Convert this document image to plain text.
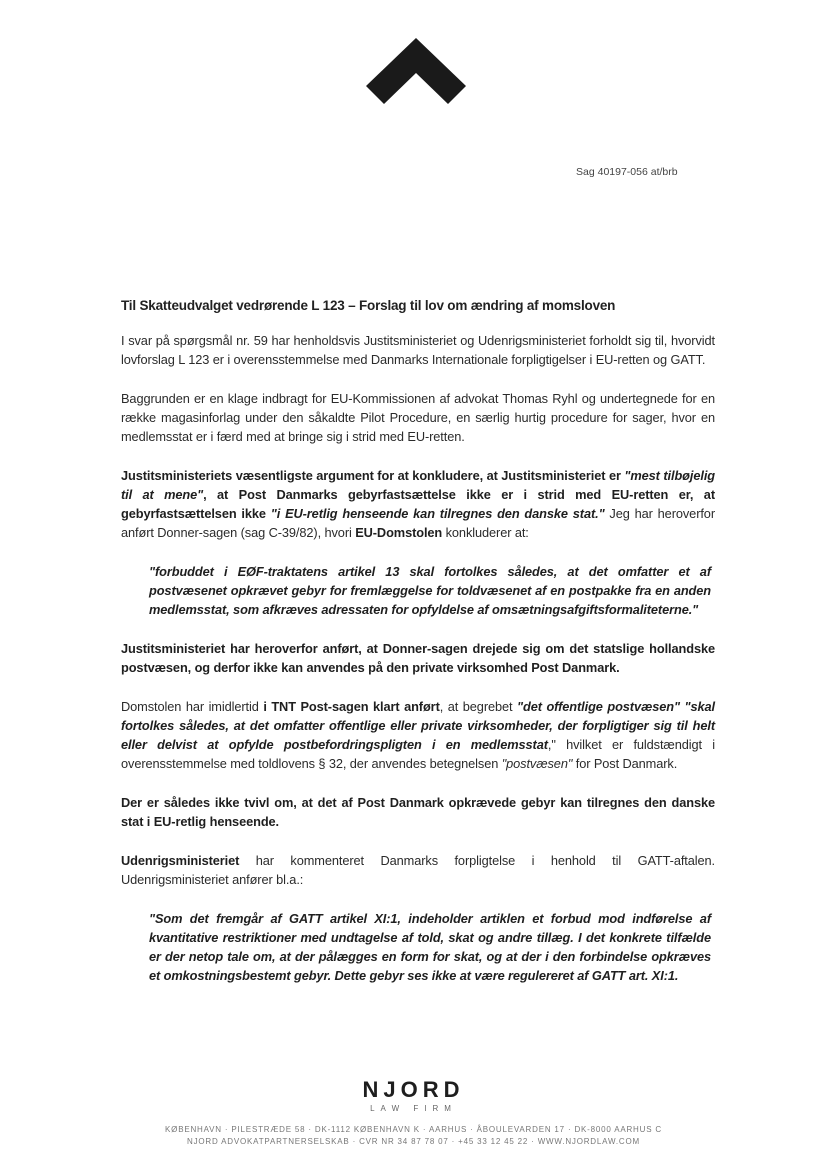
Sag 40197-056 at/brb
Til Skatteudvalget vedrørende L 123 – Forslag til lov om ændring af momsloven

I svar på spørgsmål nr. 59 har henholdsvis Justitsministeriet og Udenrigsministeriet forholdt sig til, hvorvidt lovforslag L 123 er i overensstemmelse med Danmarks Internationale forpligtigelser i EU-retten og GATT.

Baggrunden er en klage indbragt for EU-Kommissionen af advokat Thomas Ryhl og undertegnede for en række magasinforlag under den såkaldte Pilot Procedure, en særlig hurtig procedure for sager, hvor en medlemsstat er i færd med at bringe sig i strid med EU-retten.

Justitsministeriets væsentligste argument for at konkludere, at Justitsministeriet er "mest tilbøjelig til at mene", at Post Danmarks gebyrfastsættelse ikke er i strid med EU-retten er, at gebyrfastsættelsen ikke "i EU-retlig henseende kan tilregnes den danske stat." Jeg har heroverfor anført Donner-sagen (sag C-39/82), hvori EU-Domstolen konkluderer at:

"forbuddet i EØF-traktatens artikel 13 skal fortolkes således, at det omfatter et af postvæsenet opkrævet gebyr for fremlæggelse for toldvæsenet af en postpakke fra en anden medlemsstat, som afkræves adressaten for opfyldelse af omsætningsafgiftsformaliteterne."

Justitsministeriet har heroverfor anført, at Donner-sagen drejede sig om det statslige hollandske postvæsen, og derfor ikke kan anvendes på den private virksomhed Post Danmark.

Domstolen har imidlertid i TNT Post-sagen klart anført, at begrebet "det offentlige postvæsen" "skal fortolkes således, at det omfatter offentlige eller private virksomheder, der forpligtiger sig til helt eller delvist at opfylde postbefordringspligten i en medlemsstat," hvilket er fuldstændigt i overensstemmelse med toldlovens § 32, der anvendes betegnelsen "postvæsen" for Post Danmark.

Der er således ikke tvivl om, at det af Post Danmark opkrævede gebyr kan tilregnes den danske stat i EU-retlig henseende.

Udenrigsministeriet har kommenteret Danmarks forpligtelse i henhold til GATT-aftalen. Udenrigsministeriet anfører bl.a.:

"Som det fremgår af GATT artikel XI:1, indeholder artiklen et forbud mod indførelse af kvantitative restriktioner med undtagelse af told, skat og andre tillæg. I det konkrete tilfælde er der netop tale om, at der pålægges en form for skat, og at der i den forbindelse opkræves et omkostningsbestemt gebyr. Dette gebyr ses ikke at være regulereret af GATT art. XI:1.

NJORD
LAW FIRM
KØBENHAVN · PILESTRÆDE 58 · DK-1112 KØBENHAVN K · AARHUS · ÅBOULEVARDEN 17 · DK-8000 AARHUS C
NJORD ADVOKATPARTNERSELSKAB · CVR NR 34 87 78 07 · +45 33 12 45 22 · WWW.NJORDLAW.COM
